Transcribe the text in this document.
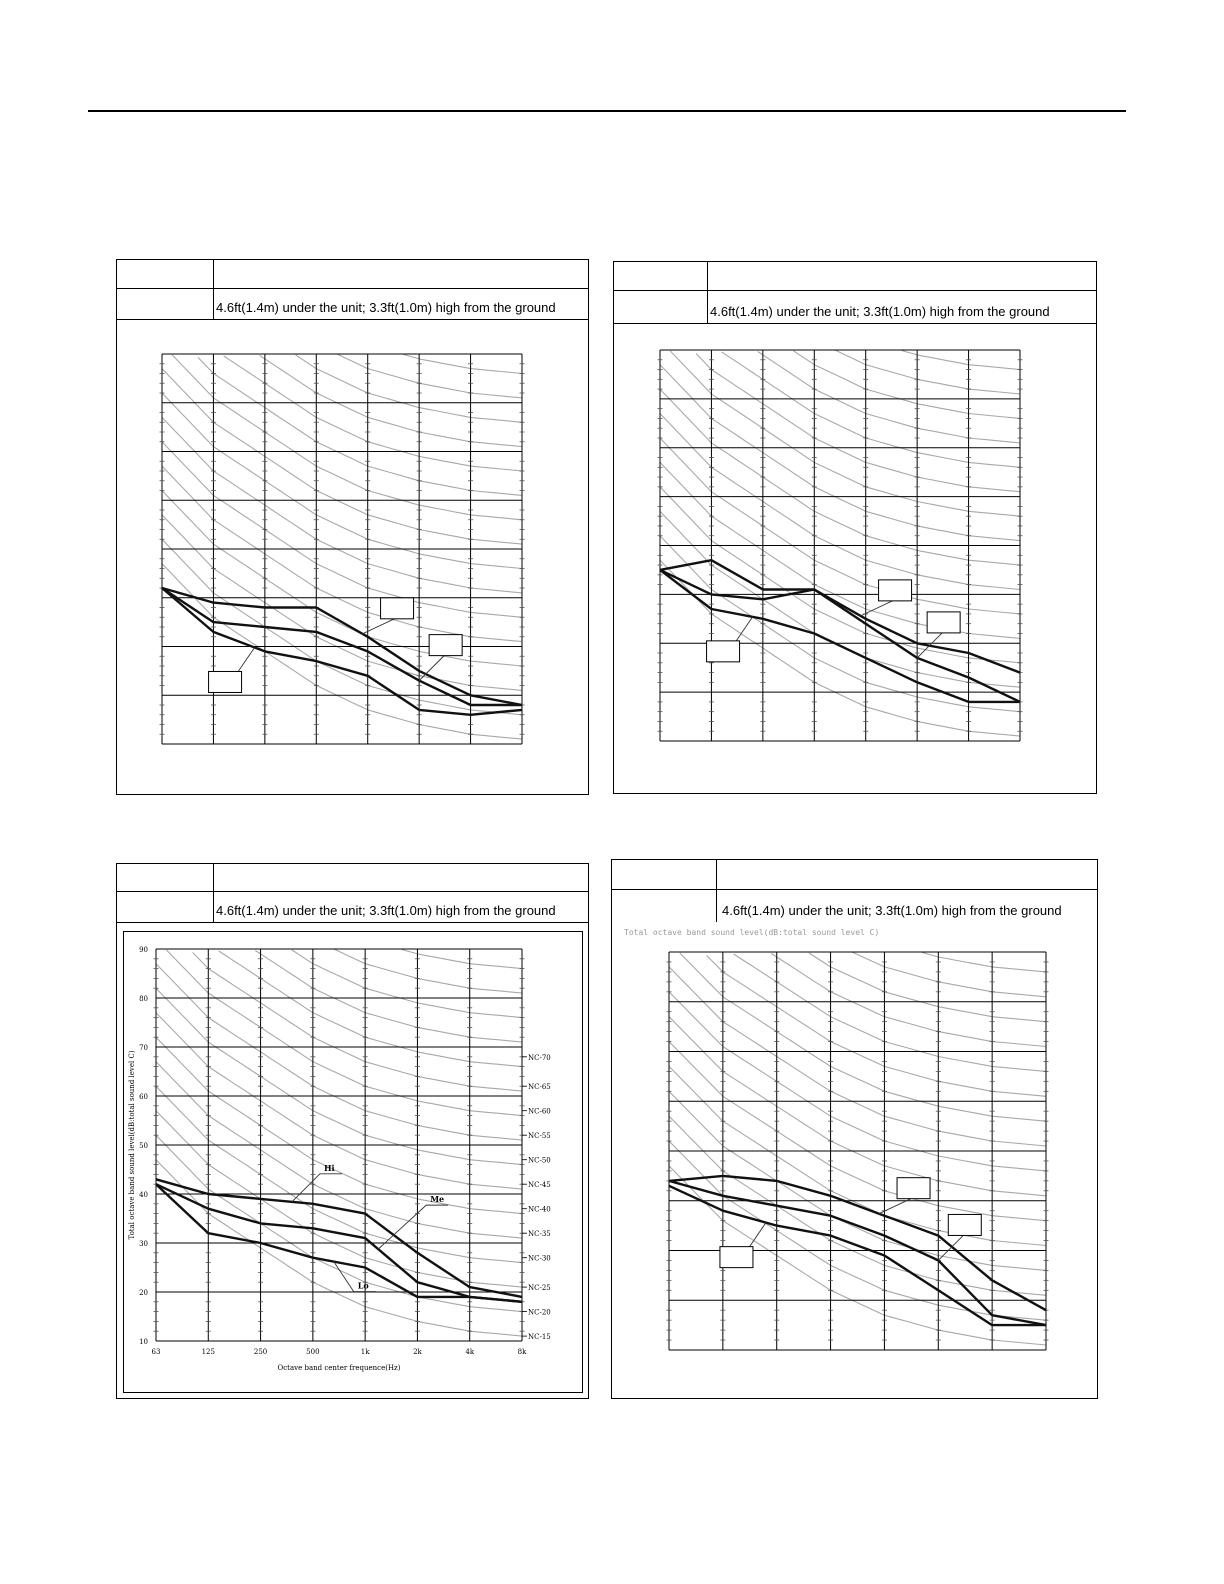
4.6ft(1.4m) under the unit; 3.3ft(1.0m) high from the ground	4.6ft(1.4m) under the unit; 3.3ft(1.0m) high from the ground
4.6ft(1.4m) under the unit; 3.3ft(1.0m) high from the ground
10
20
30
40
50
60
70
80
90
63	125	250	500	1k	2k	4k	8k
NC-70
NC-65
NC-60
NC-55
NC-50
NC-45
NC-40
NC-35
NC-30
NC-25
NC-20
NC-15
Octave band center frequence(Hz)
Total octave band sound level(dB:total sound level C)	Hi
Me
Lo
4.6ft(1.4m) under the unit; 3.3ft(1.0m) high from the ground
Total octave band sound level(dB:total sound level C)
